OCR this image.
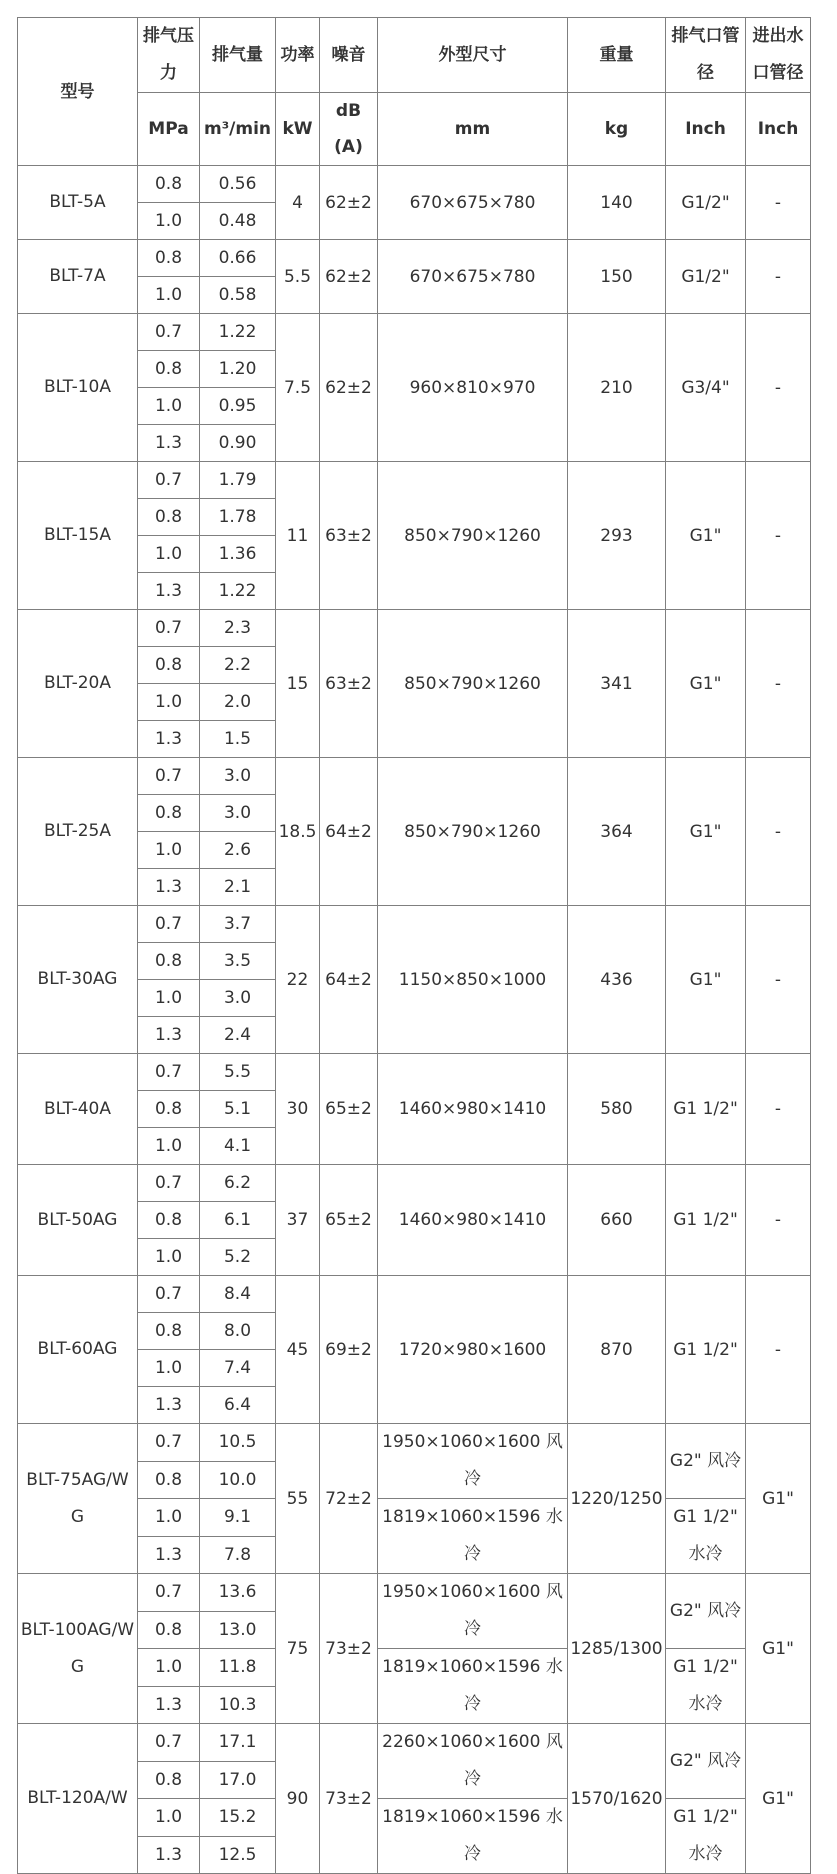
型号	排气压力	排气量	功率	噪音	外型尺寸	重量	排气口管径	进出水口管径
	MPa	m³/min	kW	dB(A)	mm	kg	Inch	Inch
BLT-5A	0.8	0.56	4	62±2	670×675×780	140	G1/2"	-
	1.0	0.48						
BLT-7A	0.8	0.66	5.5	62±2	670×675×780	150	G1/2"	-
	1.0	0.58						
BLT-10A	0.7	1.22	7.5	62±2	960×810×970	210	G3/4"	-
	0.8	1.20						
	1.0	0.95						
	1.3	0.90						
BLT-15A	0.7	1.79	11	63±2	850×790×1260	293	G1"	-
	0.8	1.78						
	1.0	1.36						
	1.3	1.22						
BLT-20A	0.7	2.3	15	63±2	850×790×1260	341	G1"	-
	0.8	2.2						
	1.0	2.0						
	1.3	1.5						
BLT-25A	0.7	3.0	18.5	64±2	850×790×1260	364	G1"	-
	0.8	3.0						
	1.0	2.6						
	1.3	2.1						
BLT-30AG	0.7	3.7	22	64±2	1150×850×1000	436	G1"	-
	0.8	3.5						
	1.0	3.0						
	1.3	2.4						
BLT-40A	0.7	5.5	30	65±2	1460×980×1410	580	G1 1/2"	-
	0.8	5.1						
	1.0	4.1						
BLT-50AG	0.7	6.2	37	65±2	1460×980×1410	660	G1 1/2"	-
	0.8	6.1						
	1.0	5.2						
BLT-60AG	0.7	8.4	45	69±2	1720×980×1600	870	G1 1/2"	-
	0.8	8.0						
	1.0	7.4						
	1.3	6.4						
BLT-75AG/WG	0.7	10.5	55	72±2	1950×1060×1600 风冷	1220/1250	G2" 风冷	G1"
	0.8	10.0						
	1.0	9.1			1819×1060×1596 水冷		G1 1/2" 水冷	
	1.3	7.8						
BLT-100AG/WG	0.7	13.6	75	73±2	1950×1060×1600 风冷	1285/1300	G2" 风冷	G1"
	0.8	13.0						
	1.0	11.8			1819×1060×1596 水冷		G1 1/2" 水冷	
	1.3	10.3						
BLT-120A/W	0.7	17.1	90	73±2	2260×1060×1600 风冷	1570/1620	G2" 风冷	G1"
	0.8	17.0						
	1.0	15.2			1819×1060×1596 水冷		G1 1/2" 水冷	
	1.3	12.5						
